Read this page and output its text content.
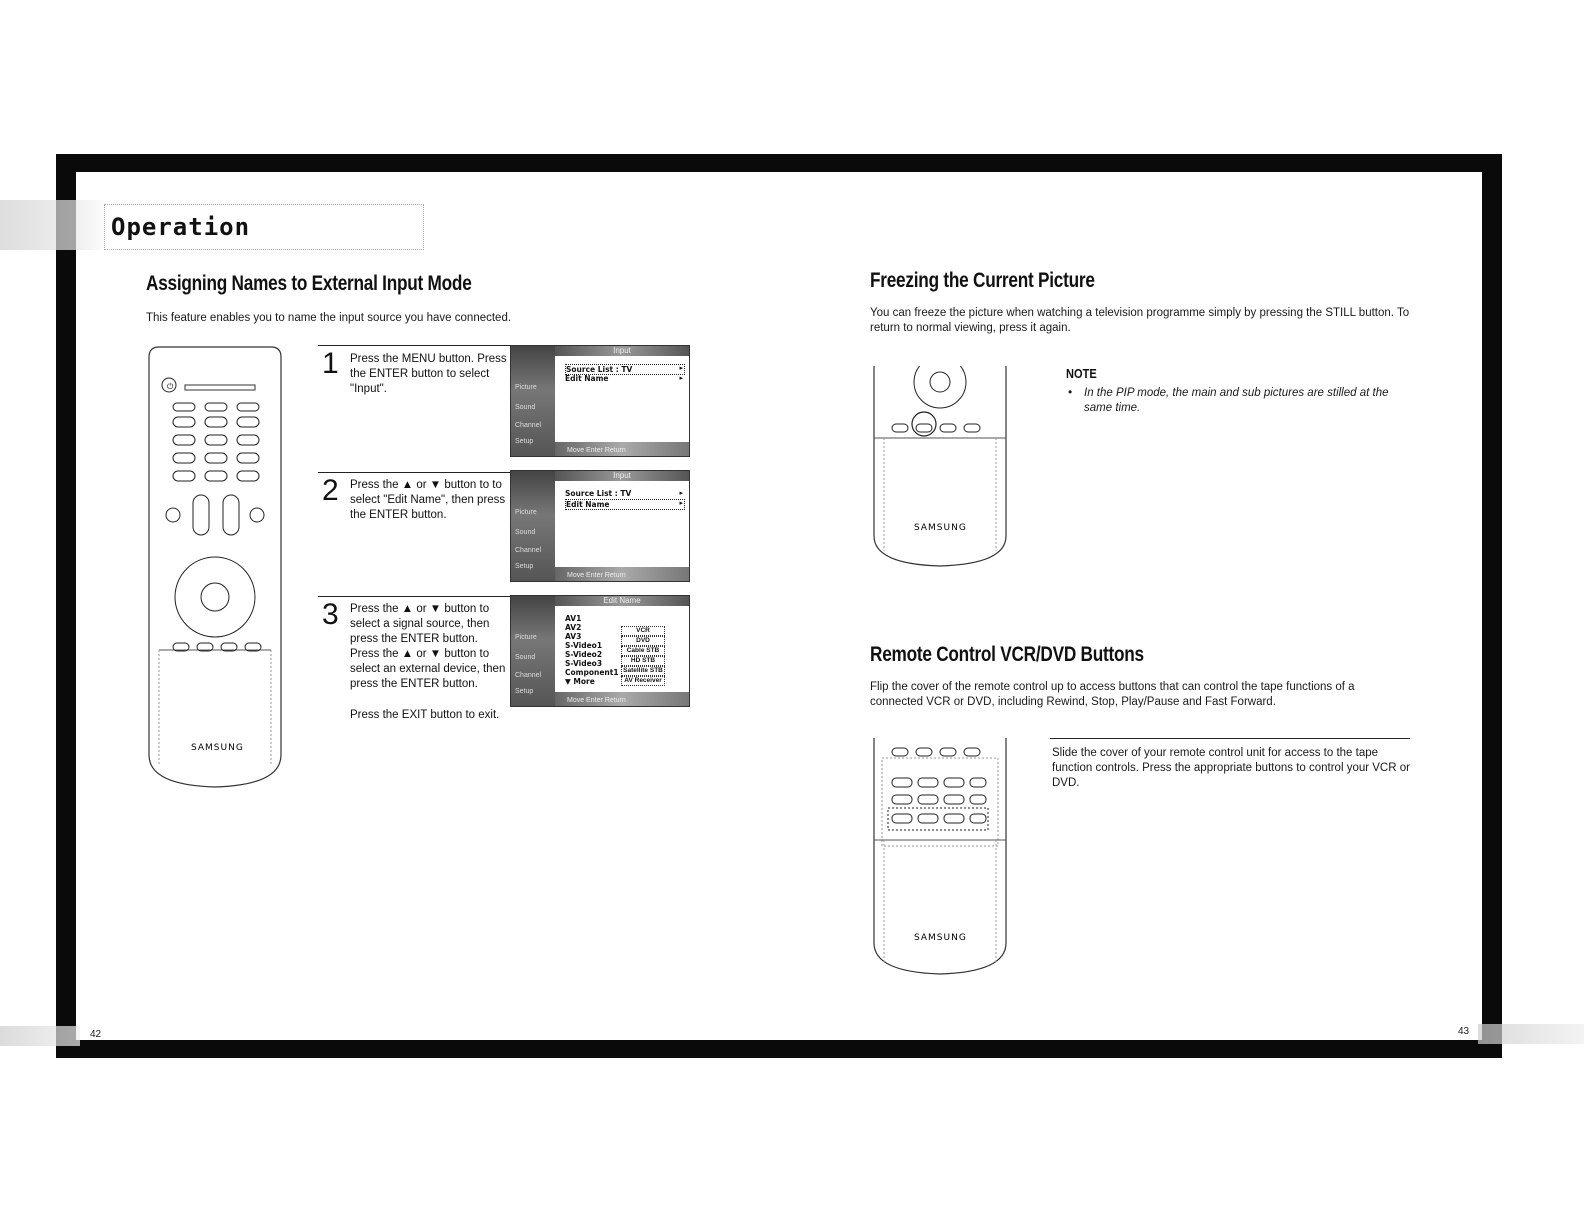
Operation
Assigning Names to External Input Mode
This feature enables you to name the input source you have connected.
⏻
SAMSUNG
1 Press the MENU button. Press the ENTER button to select "Input".
2 Press the ▲ or ▼ button to to select "Edit Name", then press the ENTER button.
3 Press the ▲ or ▼ button to select a signal source, then press the ENTER button. Press the ▲ or ▼ button to select an external device, then press the ENTER button.
Press the EXIT button to exit.
Input
Picture
Sound
Channel
Setup
Source List : TV
Edit Name
▸
▸
Move Enter Return
Input
Picture
Sound
Channel
Setup
Source List : TV
Edit Name
▸
▸
Move Enter Return
Edit Name
Picture
Sound
Channel
Setup
AV1
AV2
AV3
S-Video1
S-Video2
S-Video3
Component1
▼ More
VCR
DVD
Cable STB
HD STB
Satellite STB
AV Receiver
Move Enter Return
42
Freezing the Current Picture
You can freeze the picture when watching a television programme simply by pressing the STILL button. To return to normal viewing, press it again.
SAMSUNG
NOTE
• In the PIP mode, the main and sub pictures are stilled at the same time.
Remote Control VCR/DVD Buttons
Flip the cover of the remote control up to access buttons that can control the tape functions of a connected VCR or DVD, including Rewind, Stop, Play/Pause and Fast Forward.
SAMSUNG
Slide the cover of your remote control unit for access to the tape function controls. Press the appropriate buttons to control your VCR or DVD.
43
